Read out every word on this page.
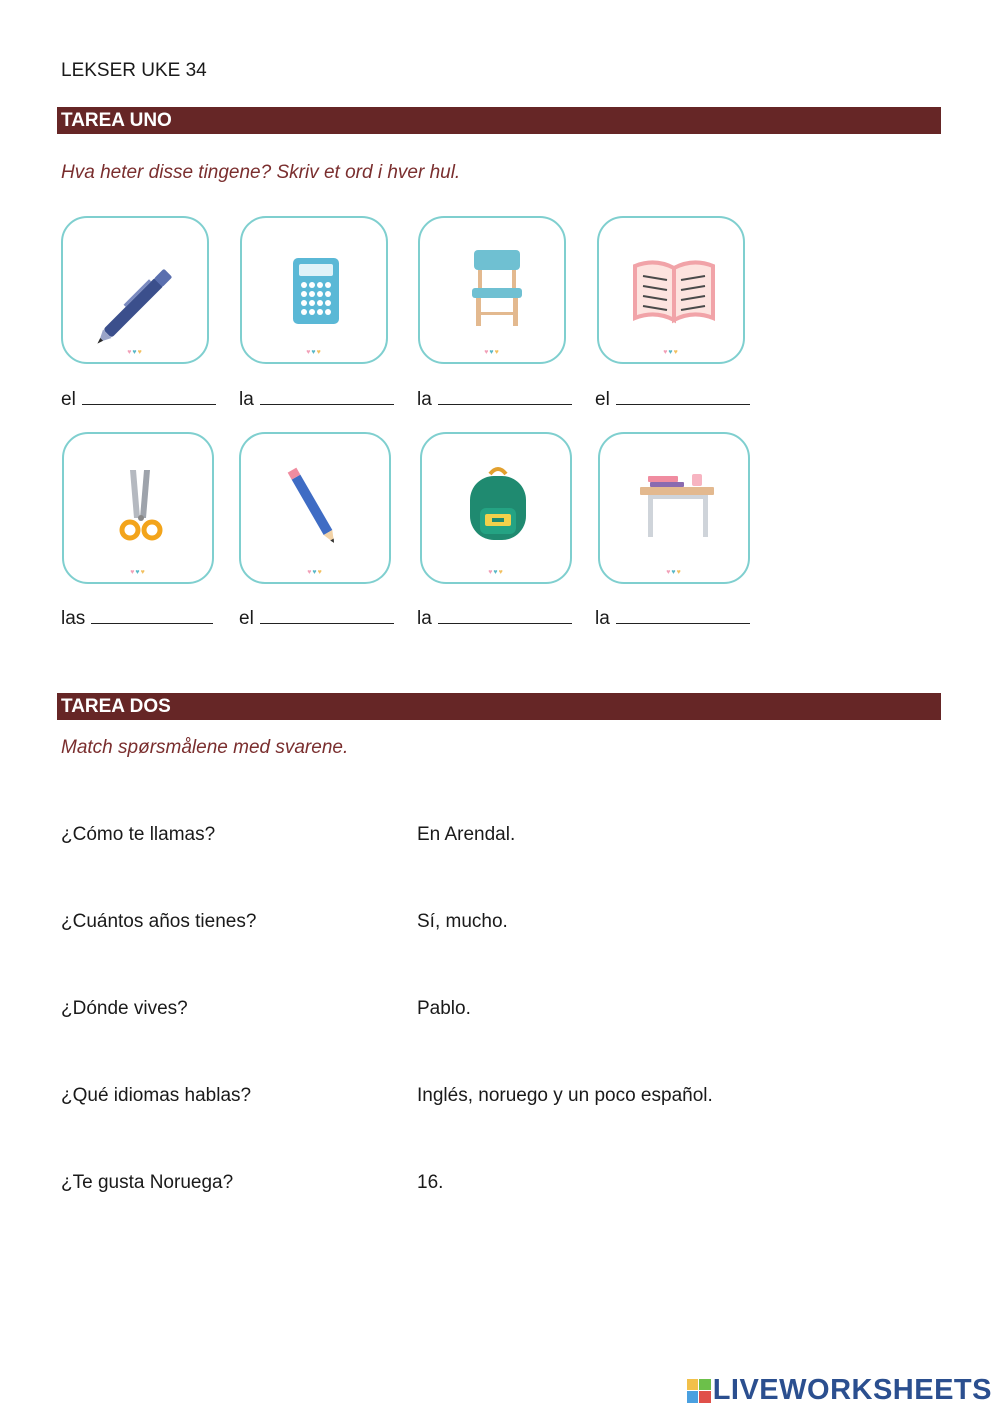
LEKSER UKE 34
TAREA UNO
Hva heter disse tingene? Skriv et ord i hver hul.
♥♥♥	♥♥♥	♥♥♥	♥♥♥
el	la	la	el
♥♥♥	♥♥♥	♥♥♥	♥♥♥
las	el	la	la
TAREA DOS
Match spørsmålene med svarene.
¿Cómo te llamas?	En Arendal.
¿Cuántos años tienes?	Sí, mucho.
¿Dónde vives?	Pablo.
¿Qué idiomas hablas?	Inglés, noruego y un poco español.
¿Te gusta Noruega?	16.
LIVEWORKSHEETS
